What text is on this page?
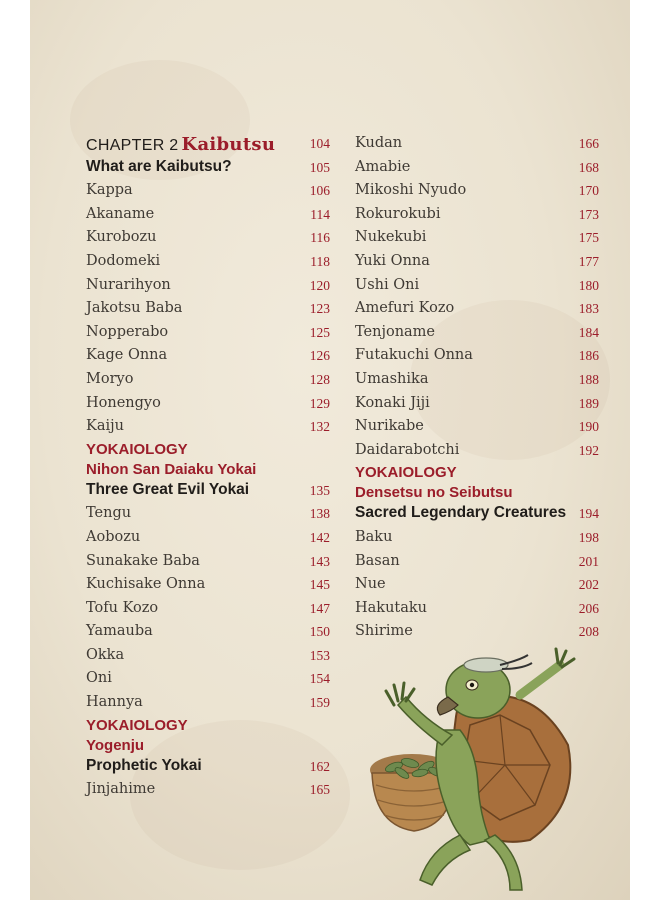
CHAPTER 2 Kaibutsu	104
What are Kaibutsu?	105
Kappa	106
Akaname	114
Kurobozu	116
Dodomeki	118
Nurarihyon	120
Jakotsu Baba	123
Nopperabo	125
Kage Onna	126
Moryo	128
Honengyo	129
Kaiju	132
YOKAIOLOGY
Nihon San Daiaku Yokai
Three Great Evil Yokai	135
Tengu	138
Aobozu	142
Sunakake Baba	143
Kuchisake Onna	145
Tofu Kozo	147
Yamauba	150
Okka	153
Oni	154
Hannya	159
YOKAIOLOGY
Yogenju
Prophetic Yokai	162
Jinjahime	165
Kudan	166
Amabie	168
Mikoshi Nyudo	170
Rokurokubi	173
Nukekubi	175
Yuki Onna	177
Ushi Oni	180
Amefuri Kozo	183
Tenjoname	184
Futakuchi Onna	186
Umashika	188
Konaki Jiji	189
Nurikabe	190
Daidarabotchi	192
YOKAIOLOGY
Densetsu no Seibutsu
Sacred Legendary Creatures 194
Baku	198
Basan	201
Nue	202
Hakutaku	206
Shirime	208
